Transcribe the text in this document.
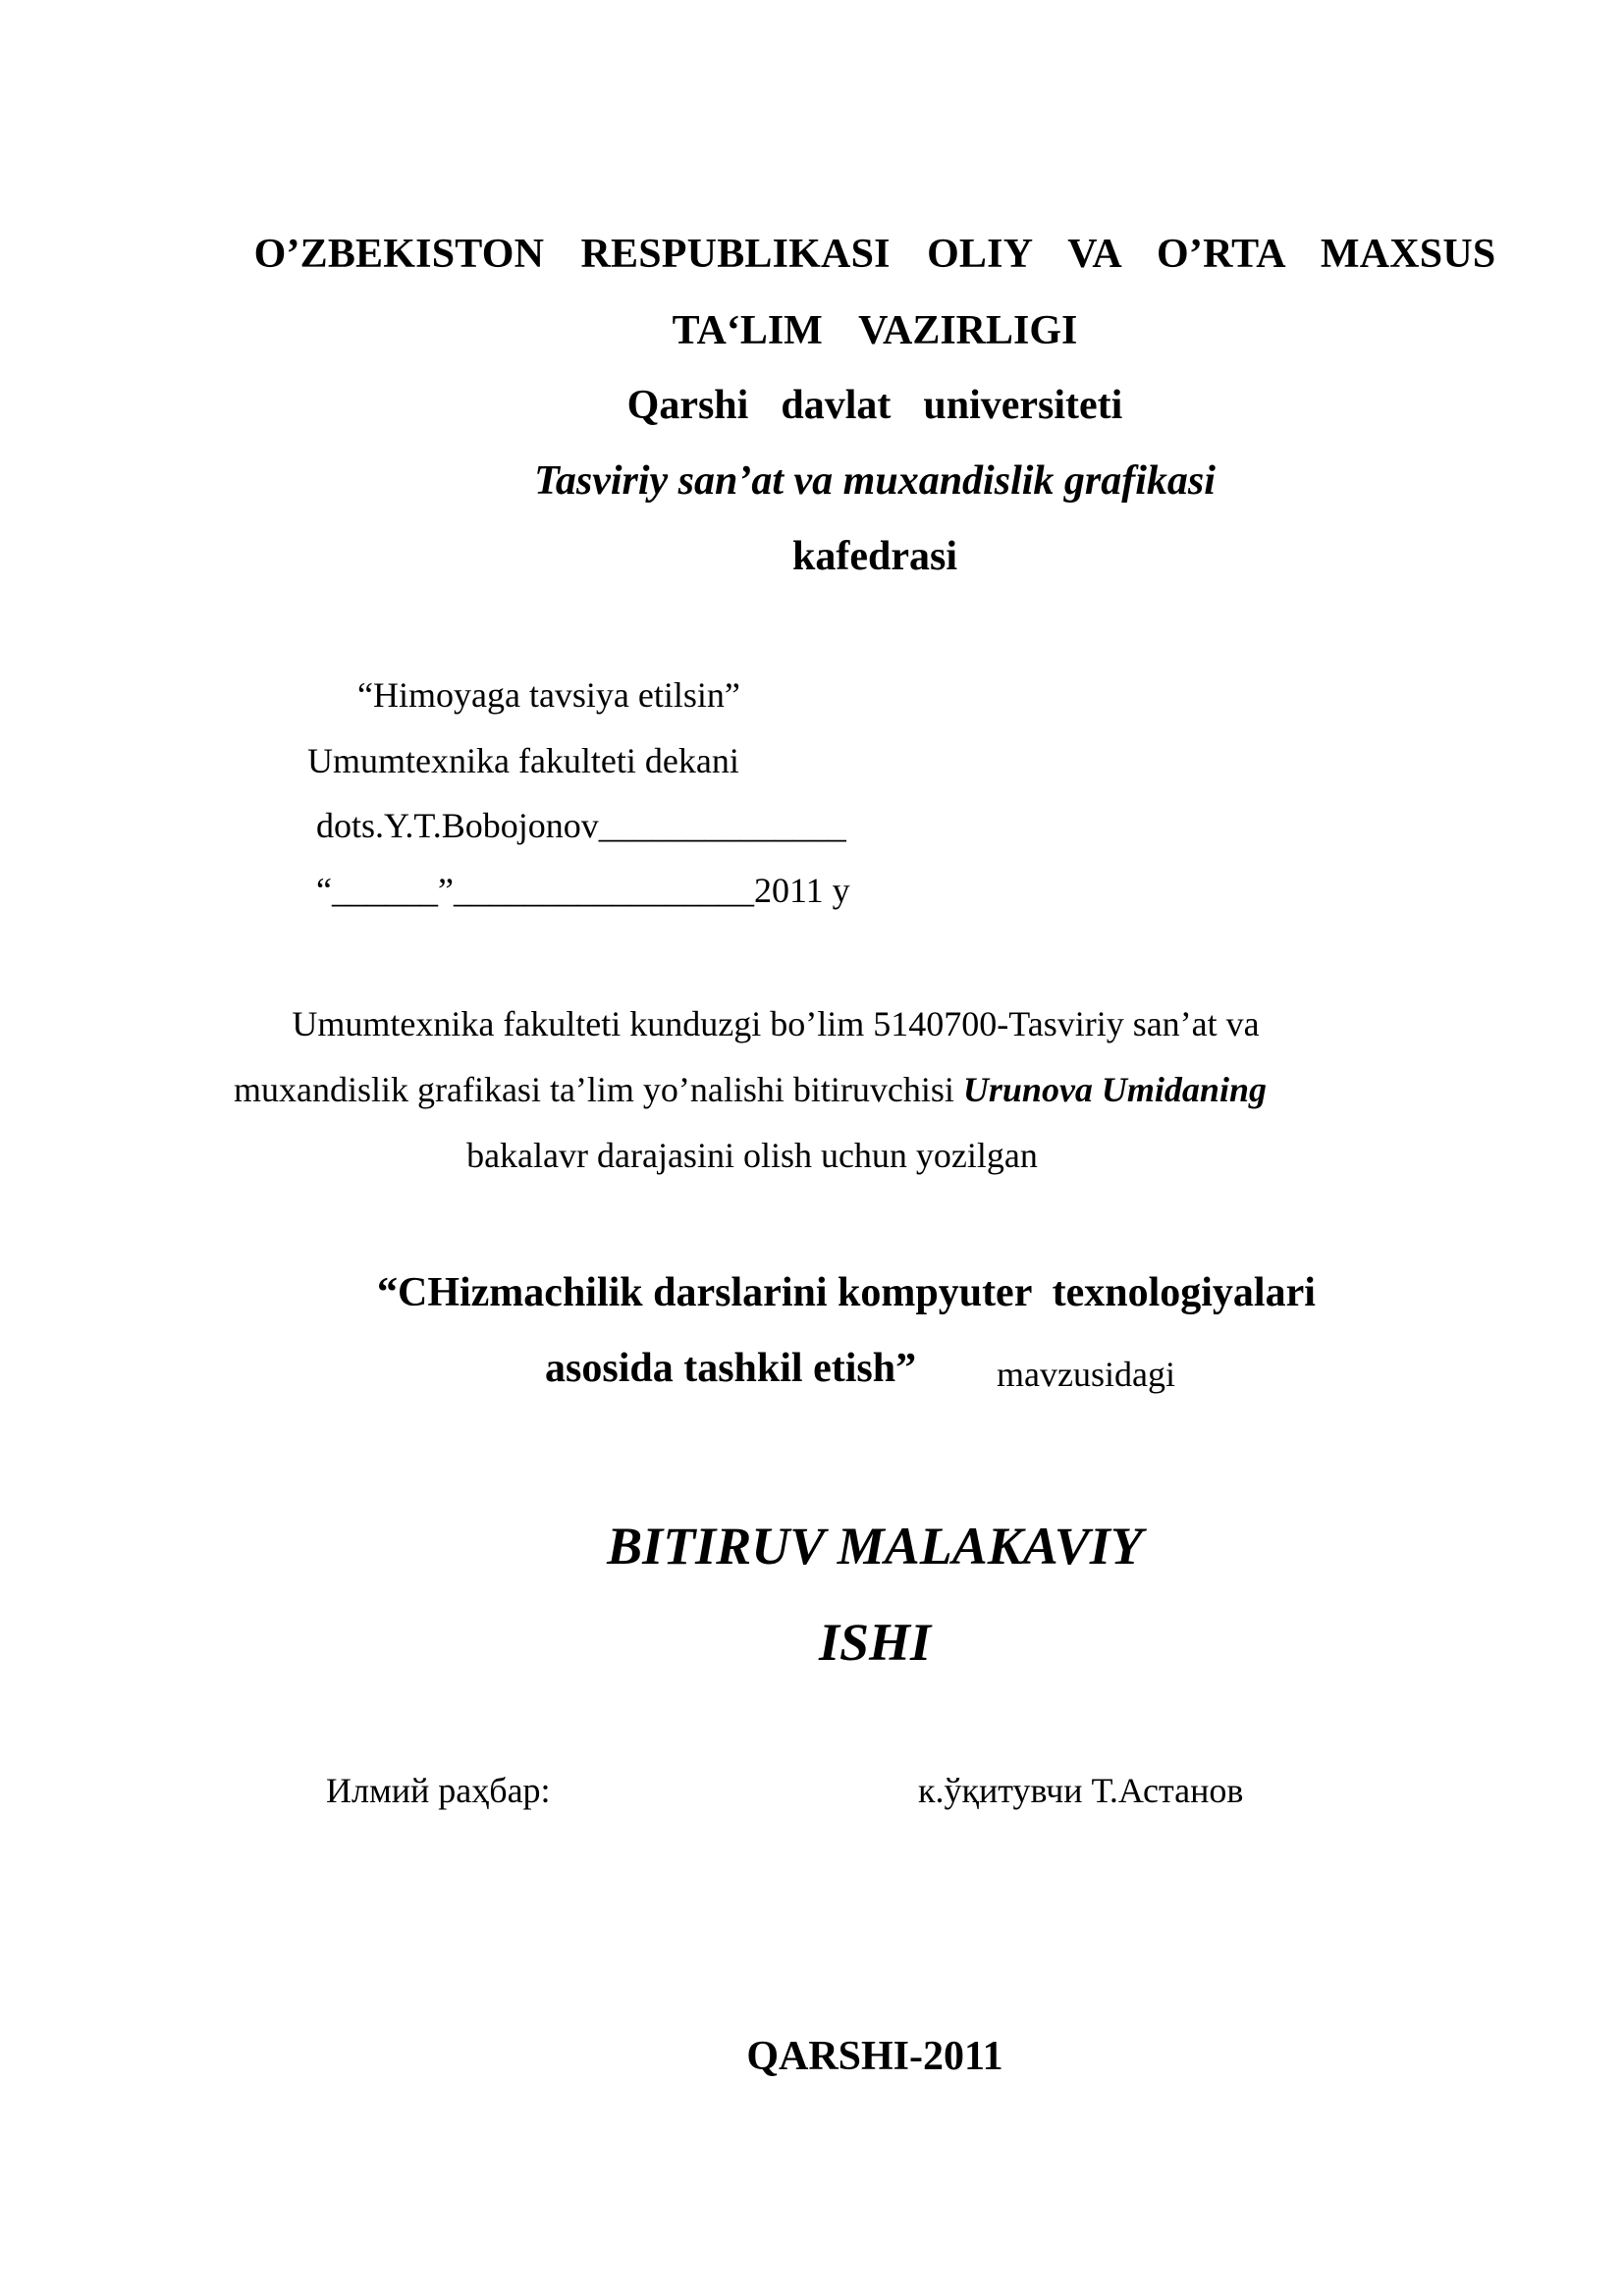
O’ZBEKISTON  RESPUBLIKASI  OLIY  VA  O’RTA  MAXSUS
TA‘LIM  VAZIRLIGI
Qarshi  davlat  universiteti
Tasviriy san’at va muxandislik grafikasi
kafedrasi
“Himoyaga tavsiya etilsin”
Umumtexnika fakulteti dekani
dots.Y.T.Bobojonov______________
“______”_________________2011 y
Umumtexnika fakulteti kunduzgi bo’lim 5140700-Tasviriy san’at va
muxandislik grafikasi ta’lim yo’nalishi bitiruvchisi Urunova Umidaning
bakalavr darajasini olish uchun yozilgan
“CHizmachilik darslarini kompyuter  texnologiyalari
asosida tashkil etish” mavzusidagi
BITIRUV MALAKAVIY
ISHI
Илмий раҳбар:	к.ўқитувчи Т.Астанов
QARSHI-2011
